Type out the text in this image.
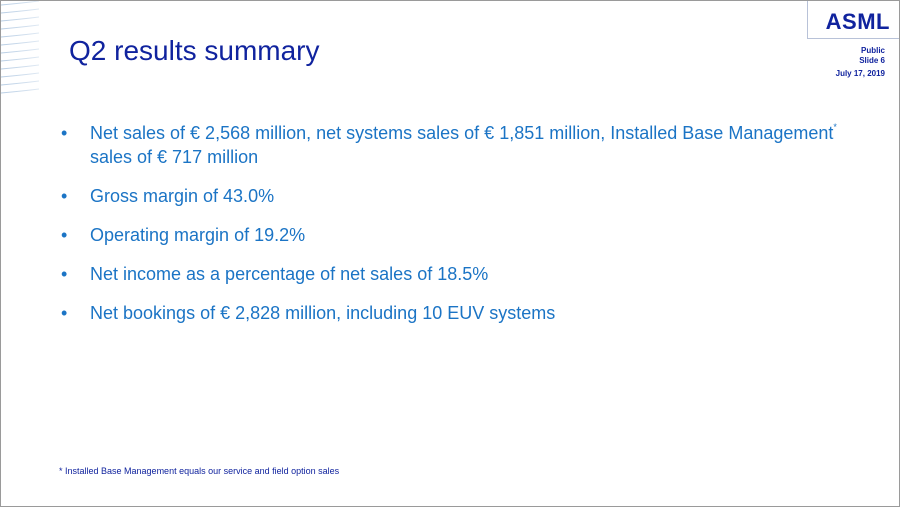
Q2 results summary
ASML
Public
Slide 6
July 17, 2019
• Net sales of € 2,568 million, net systems sales of € 1,851 million, Installed Base Management* sales of € 717 million
• Gross margin of 43.0%
• Operating margin of 19.2%
• Net income as a percentage of net sales of 18.5%
• Net bookings of € 2,828 million, including 10 EUV systems
* Installed Base Management equals our service and field option sales
